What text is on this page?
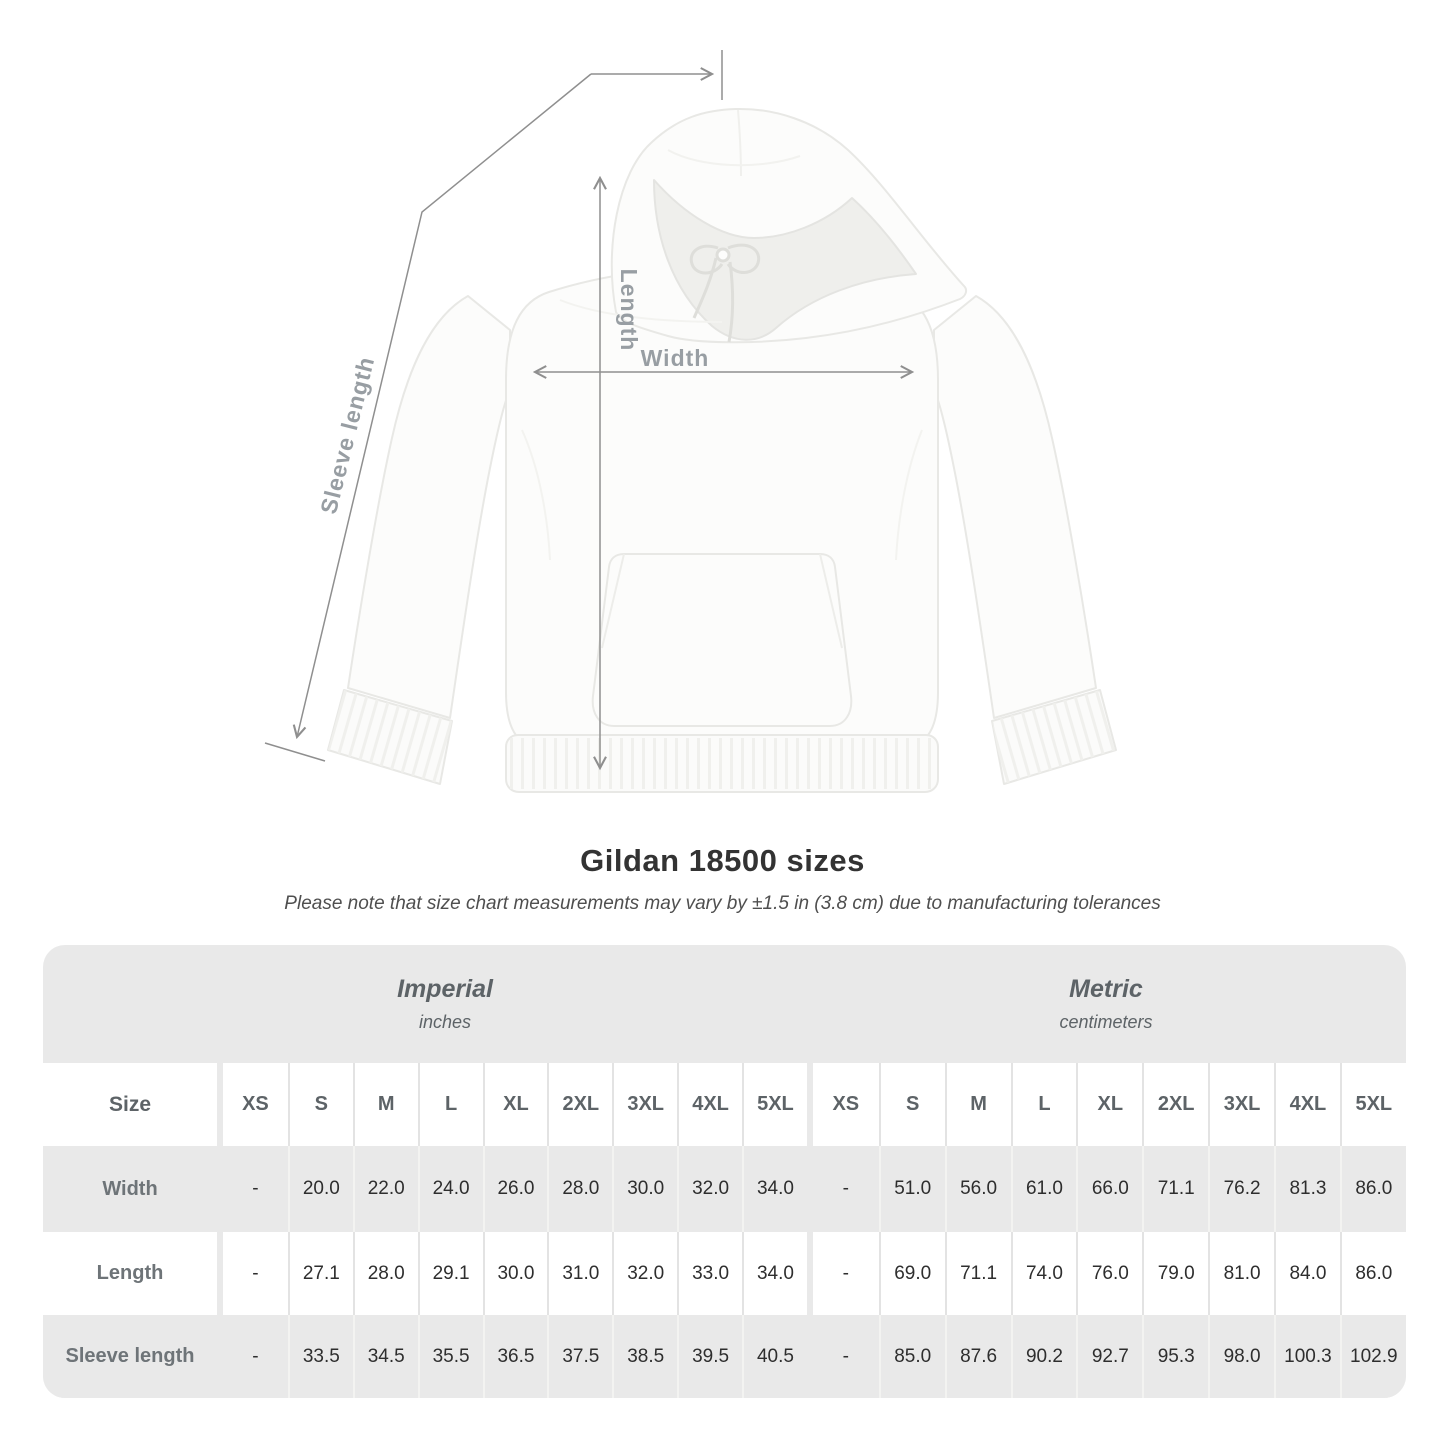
Length
Width
Sleeve length
Gildan 18500 sizes
Please note that size chart measurements may vary by ±1.5 in (3.8 cm) due to manufacturing tolerances
Imperial
inches
Metric
centimeters
Size	XS	S	M	L	XL	2XL	3XL	4XL	5XL	XS	S	M	L	XL	2XL	3XL	4XL	5XL
Width	-	20.0	22.0	24.0	26.0	28.0	30.0	32.0	34.0	-	51.0	56.0	61.0	66.0	71.1	76.2	81.3	86.0
Length	-	27.1	28.0	29.1	30.0	31.0	32.0	33.0	34.0	-	69.0	71.1	74.0	76.0	79.0	81.0	84.0	86.0
Sleeve length	-	33.5	34.5	35.5	36.5	37.5	38.5	39.5	40.5	-	85.0	87.6	90.2	92.7	95.3	98.0	100.3 102.9
